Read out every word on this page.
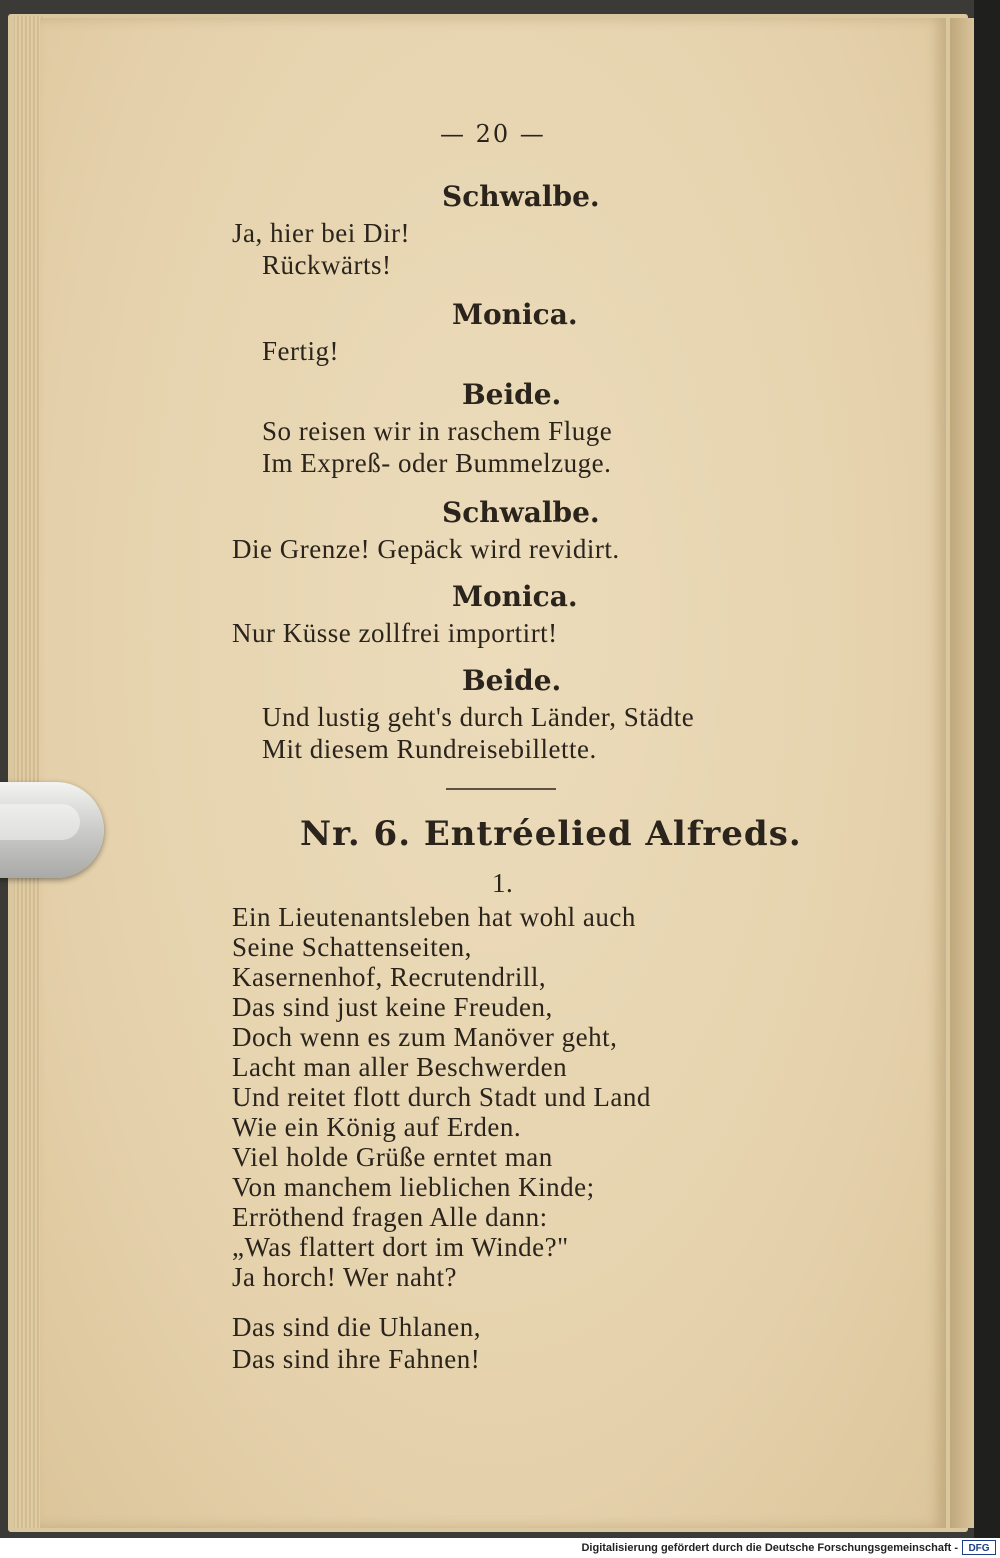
— 20 —
Schwalbe.
Ja, hier bei Dir!
Rückwärts!
Monica.
Fertig!
Beide.
So reisen wir in raschem Fluge
Im Expreß- oder Bummelzuge.
Schwalbe.
Die Grenze! Gepäck wird revidirt.
Monica.
Nur Küsse zollfrei importirt!
Beide.
Und lustig geht's durch Länder, Städte
Mit diesem Rundreisebillette.
Nr. 6. Entréelied Alfreds.
1.
Ein Lieutenantsleben hat wohl auch
Seine Schattenseiten,
Kasernenhof, Recrutendrill,
Das sind just keine Freuden,
Doch wenn es zum Manöver geht,
Lacht man aller Beschwerden
Und reitet flott durch Stadt und Land
Wie ein König auf Erden.
Viel holde Grüße erntet man
Von manchem lieblichen Kinde;
Erröthend fragen Alle dann:
„Was flattert dort im Winde?"
Ja horch! Wer naht?
Das sind die Uhlanen,
Das sind ihre Fahnen!
Digitalisierung gefördert durch die Deutsche Forschungsgemeinschaft -	DFG
